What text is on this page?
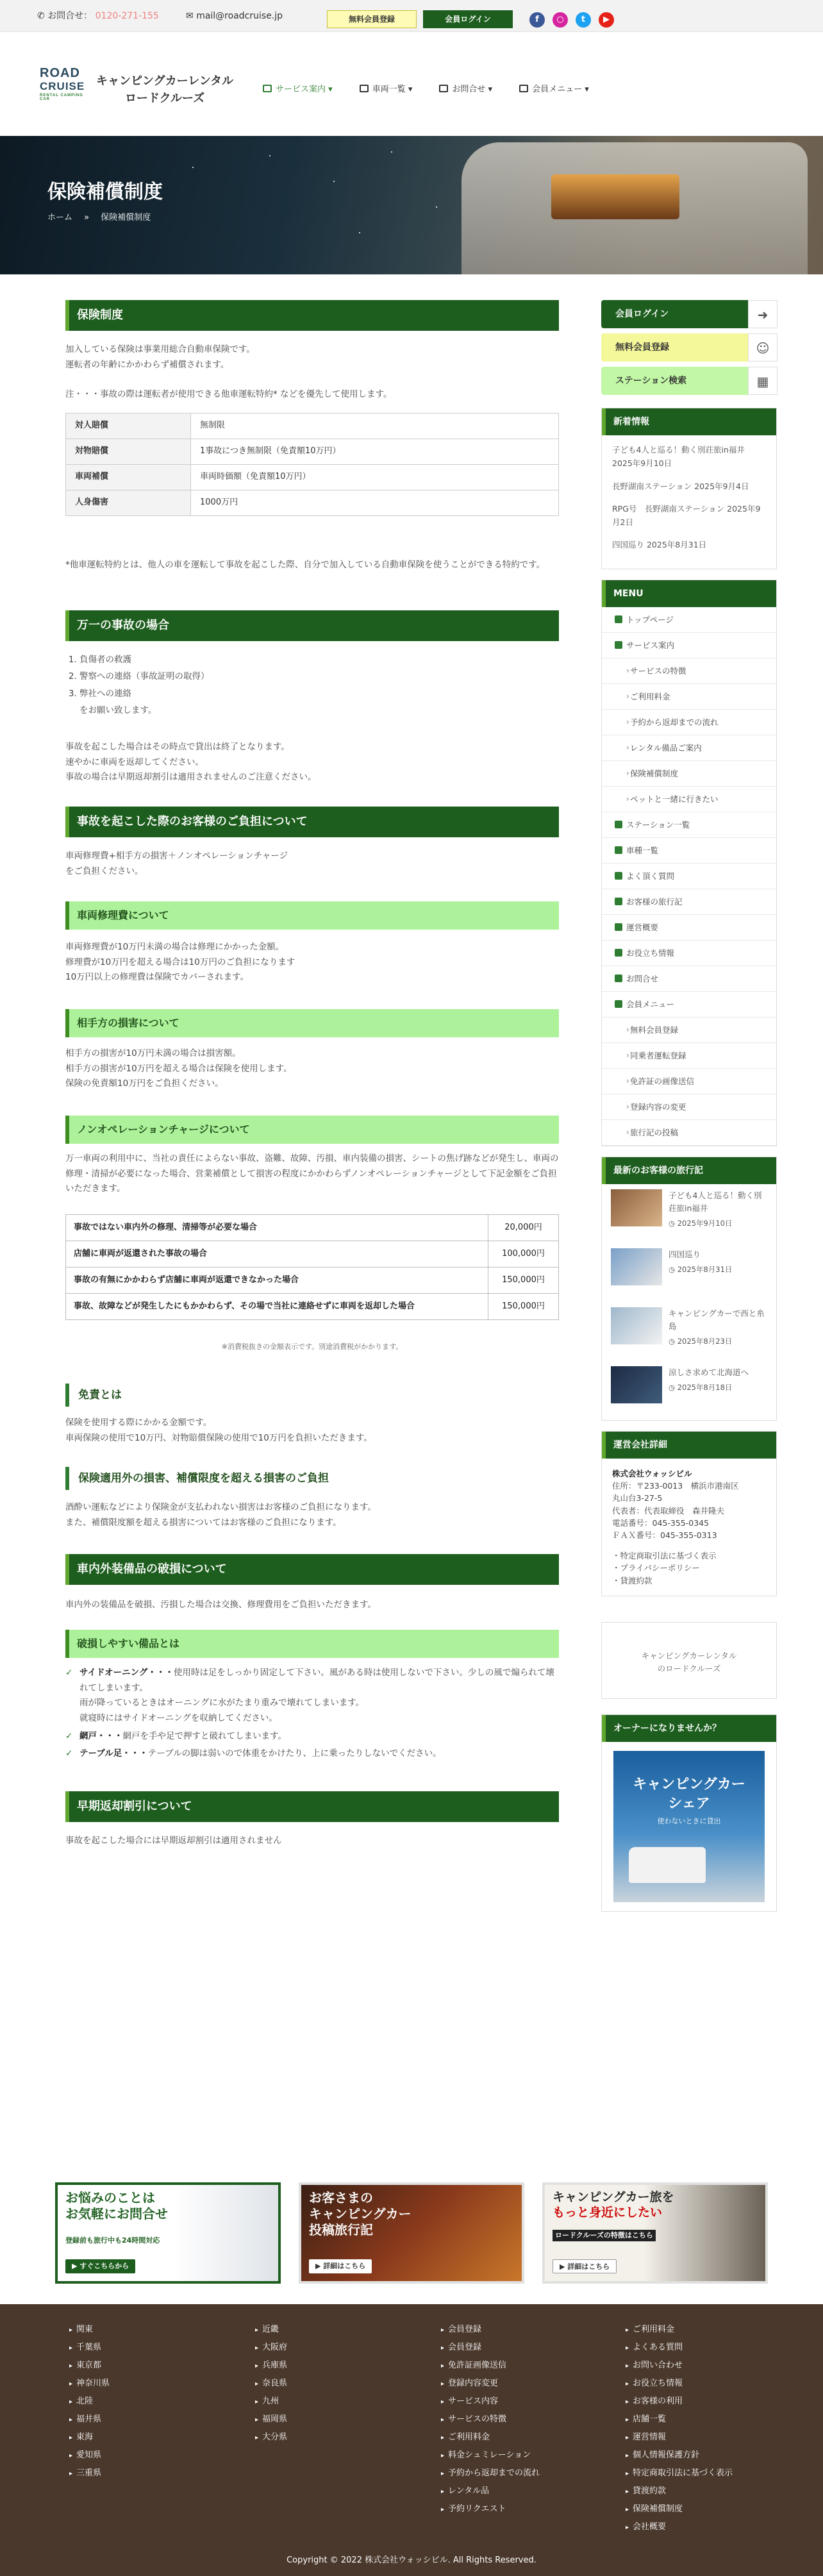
✆ お問合せ： 0120-271-155	✉ mail@roadcruise.jp	無料会員登録	会員ログイン	f	○	t	▶
ROAD
CRUISE
RENTAL CAMPING CAR
キャンピングカーレンタル
ロードクルーズ
サービス案内 ▾	車両一覧 ▾	お問合せ ▾	会員メニュー ▾
保険補償制度
ホーム » 保険補償制度
保険制度
加入している保険は事業用総合自動車保険です。
運転者の年齢にかかわらず補償されます。
注・・・事故の際は運転者が使用できる他車運転特約* などを優先して使用します。
対人賠償	無制限
対物賠償	1事故につき無制限（免責額10万円）
車両補償	車両時価額（免責額10万円）
人身傷害	1000万円
*他車運転特約とは、他人の車を運転して事故を起こした際、自分で加入している自動車保険を使うことができる特約です。
万一の事故の場合
1. 負傷者の救護
2. 警察への連絡（事故証明の取得）
3. 弊社への連絡
をお願い致します。
事故を起こした場合はその時点で貸出は終了となります。
速やかに車両を返却してください。
事故の場合は早期返却割引は適用されませんのご注意ください。
事故を起こした際のお客様のご負担について
車両修理費+相手方の損害＋ノンオペレーションチャージ
をご負担ください。
車両修理費について
車両修理費が10万円未満の場合は修理にかかった金額。
修理費が10万円を超える場合は10万円のご負担になります
10万円以上の修理費は保険でカバーされます。
相手方の損害について
相手方の損害が10万円未満の場合は損害額。
相手方の損害が10万円を超える場合は保険を使用します。
保険の免責額10万円をご負担ください。
ノンオペレーションチャージについて
万一車両の利用中に、当社の責任によらない事故、盗難、故障、汚損、車内装備の損害、シートの焦げ跡などが発生し、車両の修理・清掃が必要になった場合、営業補償として損害の程度にかかわらずノンオペレーションチャージとして下記金額をご負担いただきます。
事故ではない車内外の修理、清掃等が必要な場合	20,000円
店舗に車両が返還された事故の場合	100,000円
事故の有無にかかわらず店舗に車両が返還できなかった場合	150,000円
事故、故障などが発生したにもかかわらず、その場で当社に連絡せずに車両を返却した場合	150,000円
※消費税抜きの金額表示です。別途消費税がかかります。
免責とは
保険を使用する際にかかる金額です。
車両保険の使用で10万円、対物賠償保険の使用で10万円を負担いただきます。
保険適用外の損害、補償限度を超える損害のご負担
酒酔い運転などにより保険金が支払われない損害はお客様のご負担になります。
また、補償限度額を超える損害についてはお客様のご負担になります。
車内外装備品の破損について
車内外の装備品を破損、汚損した場合は交換、修理費用をご負担いただきます。
破損しやすい備品とは
✓ サイドオーニング・・・使用時は足をしっかり固定して下さい。風がある時は使用しないで下さい。少しの風で煽られて壊れてしまいます。
雨が降っているときはオーニングに水がたまり重みで壊れてしまいます。
就寝時にはサイドオーニングを収納してください。
✓ 網戸・・・網戸を手や足で押すと破れてしまいます。
✓ テーブル足・・・テーブルの脚は弱いので体重をかけたり、上に乗ったりしないでください。
早期返却割引について
事故を起こした場合には早期返却割引は適用されません
会員ログイン	➜
無料会員登録	☺
ステーション検索	▦
新着情報
子ども4人と巡る！動く別荘旅in福井 2025年9月10日
長野湖南ステーション 2025年9月4日
RPG号　長野湖南ステーション 2025年9月2日
四国巡り 2025年8月31日
MENU
トップページ
サービス案内
› サービスの特徴
› ご利用料金
› 予約から返却までの流れ
› レンタル備品ご案内
› 保険補償制度
› ペットと一緒に行きたい
ステーション一覧
車種一覧
よく頂く質問
お客様の旅行記
運営概要
お役立ち情報
お問合せ
会員メニュー
› 無料会員登録
› 同乗者運転登録
› 免許証の画像送信
› 登録内容の変更
› 旅行記の投稿
最新のお客様の旅行記
子ども4人と巡る！動く別荘旅in福井
◷ 2025年9月10日
四国巡り
◷ 2025年8月31日
キャンピングカーで西と糸島
◷ 2025年8月23日
涼しさ求めて北海道へ
◷ 2025年8月18日
運営会社詳細
株式会社ウォッシビル
住所：〒233-0013　横浜市港南区
丸山台3-27-5
代表者：代表取締役　森井隆夫
電話番号：045-355-0345
ＦＡＸ番号：045-355-0313
・特定商取引法に基づく表示
・プライバシーポリシー
・貸渡約款
キャンピングカーレンタルのロードクルーズ
オーナーになりませんか？
キャンピングカー
シェア
使わないときに貸出
お悩みのことは
お気軽にお問合せ
登録前も旅行中も24時間対応
▶ すぐこちらから
お客さまの
キャンピングカー
投稿旅行記
▶ 詳細はこちら
キャンピングカー旅を
もっと身近にしたい
ロードクルーズの特徴はこちら
▶ 詳細はこちら
▸ 関東
▸ 千葉県
▸ 東京都
▸ 神奈川県
▸ 北陸
▸ 福井県
▸ 東海
▸ 愛知県
▸ 三重県
▸ 近畿
▸ 大阪府
▸ 兵庫県
▸ 奈良県
▸ 九州
▸ 福岡県
▸ 大分県
▸ 会員登録
▸ 会員登録
▸ 免許証画像送信
▸ 登録内容変更
▸ サービス内容
▸ サービスの特徴
▸ ご利用料金
▸ 料金シュミレーション
▸ 予約から返却までの流れ
▸ レンタル品
▸ 予約リクエスト
▸ ご利用料金
▸ よくある質問
▸ お問い合わせ
▸ お役立ち情報
▸ お客様の利用
▸ 店舗一覧
▸ 運営情報
▸ 個人情報保護方針
▸ 特定商取引法に基づく表示
▸ 貸渡約款
▸ 保険補償制度
▸ 会社概要
Copyright © 2022 株式会社ウォッシビル. All Rights Reserved.
